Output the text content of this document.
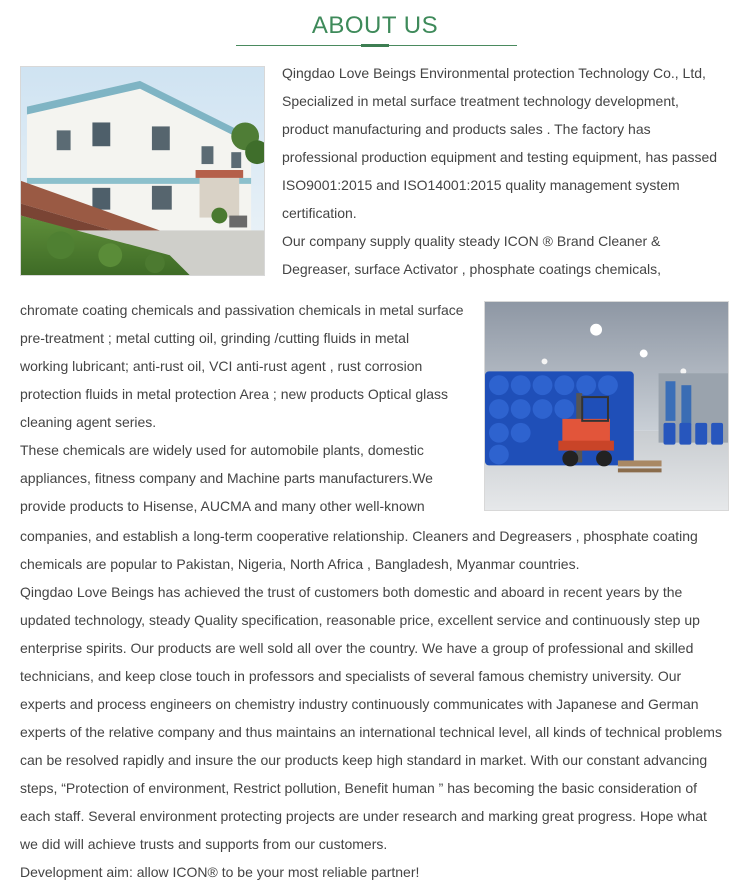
ABOUT US
Qingdao Love Beings Environmental protection Technology Co., Ltd,
Specialized in metal surface treatment technology development,
product manufacturing and products sales . The factory has
professional production equipment and testing equipment, has passed
ISO9001:2015 and ISO14001:2015 quality management system
certification.
Our company supply quality steady ICON ® Brand Cleaner &
Degreaser, surface Activator , phosphate coatings chemicals,
chromate coating chemicals and passivation chemicals in metal surface
pre-treatment ; metal cutting oil, grinding /cutting fluids in metal
working lubricant; anti-rust oil, VCI anti-rust agent , rust corrosion
protection fluids in metal protection Area ; new products Optical glass
cleaning agent series.
These chemicals are widely used for automobile plants, domestic
appliances, fitness company and Machine parts manufacturers.We
provide products to Hisense, AUCMA and many other well-known
companies, and establish a long-term cooperative relationship. Cleaners and Degreasers , phosphate coating
chemicals are popular to Pakistan, Nigeria, North Africa , Bangladesh, Myanmar countries.
Qingdao Love Beings has achieved the trust of customers both domestic and aboard in recent years by the
updated technology, steady Quality specification, reasonable price, excellent service and continuously step up
enterprise spirits. Our products are well sold all over the country. We have a group of professional and skilled
technicians, and keep close touch in professors and specialists of several famous chemistry university. Our
experts and process engineers on chemistry industry continuously communicates with Japanese and German
experts of the relative company and thus maintains an international technical level, all kinds of technical problems
can be resolved rapidly and insure the our products keep high standard in market. With our constant advancing
steps, “Protection of environment, Restrict pollution, Benefit human ” has becoming the basic consideration of
each staff. Several environment protecting projects are under research and marking great progress. Hope what
we did will achieve trusts and supports from our customers.
Development aim: allow ICON® to be your most reliable partner!
